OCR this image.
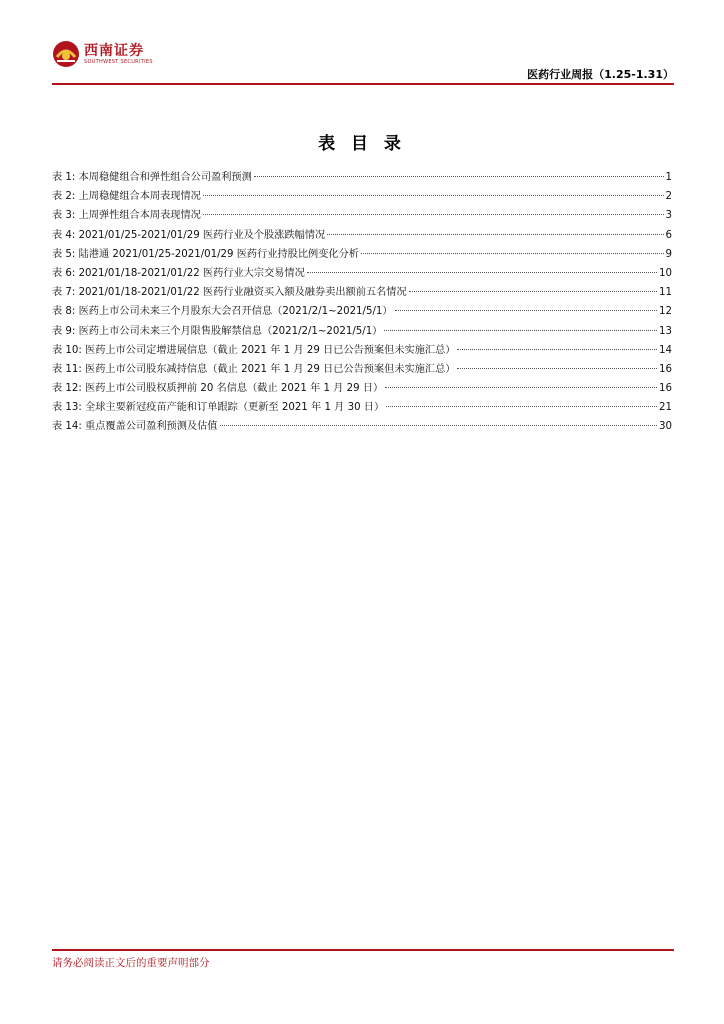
西南证券
SOUTHWEST SECURITIES
医药行业周报（1.25-1.31）
表 目 录
表 1: 本周稳健组合和弹性组合公司盈利预测	1
表 2: 上周稳健组合本周表现情况	2
表 3: 上周弹性组合本周表现情况	3
表 4: 2021/01/25-2021/01/29 医药行业及个股涨跌幅情况	6
表 5: 陆港通 2021/01/25-2021/01/29 医药行业持股比例变化分析	9
表 6: 2021/01/18-2021/01/22 医药行业大宗交易情况	10
表 7: 2021/01/18-2021/01/22 医药行业融资买入额及融券卖出额前五名情况	11
表 8: 医药上市公司未来三个月股东大会召开信息（2021/2/1~2021/5/1）	12
表 9: 医药上市公司未来三个月限售股解禁信息（2021/2/1~2021/5/1）	13
表 10: 医药上市公司定增进展信息（截止 2021 年 1 月 29 日已公告预案但未实施汇总）	14
表 11: 医药上市公司股东减持信息（截止 2021 年 1 月 29 日已公告预案但未实施汇总）	16
表 12: 医药上市公司股权质押前 20 名信息（截止 2021 年 1 月 29 日）	16
表 13: 全球主要新冠疫苗产能和订单跟踪（更新至 2021 年 1 月 30 日）	21
表 14: 重点覆盖公司盈利预测及估值	30
请务必阅读正文后的重要声明部分
